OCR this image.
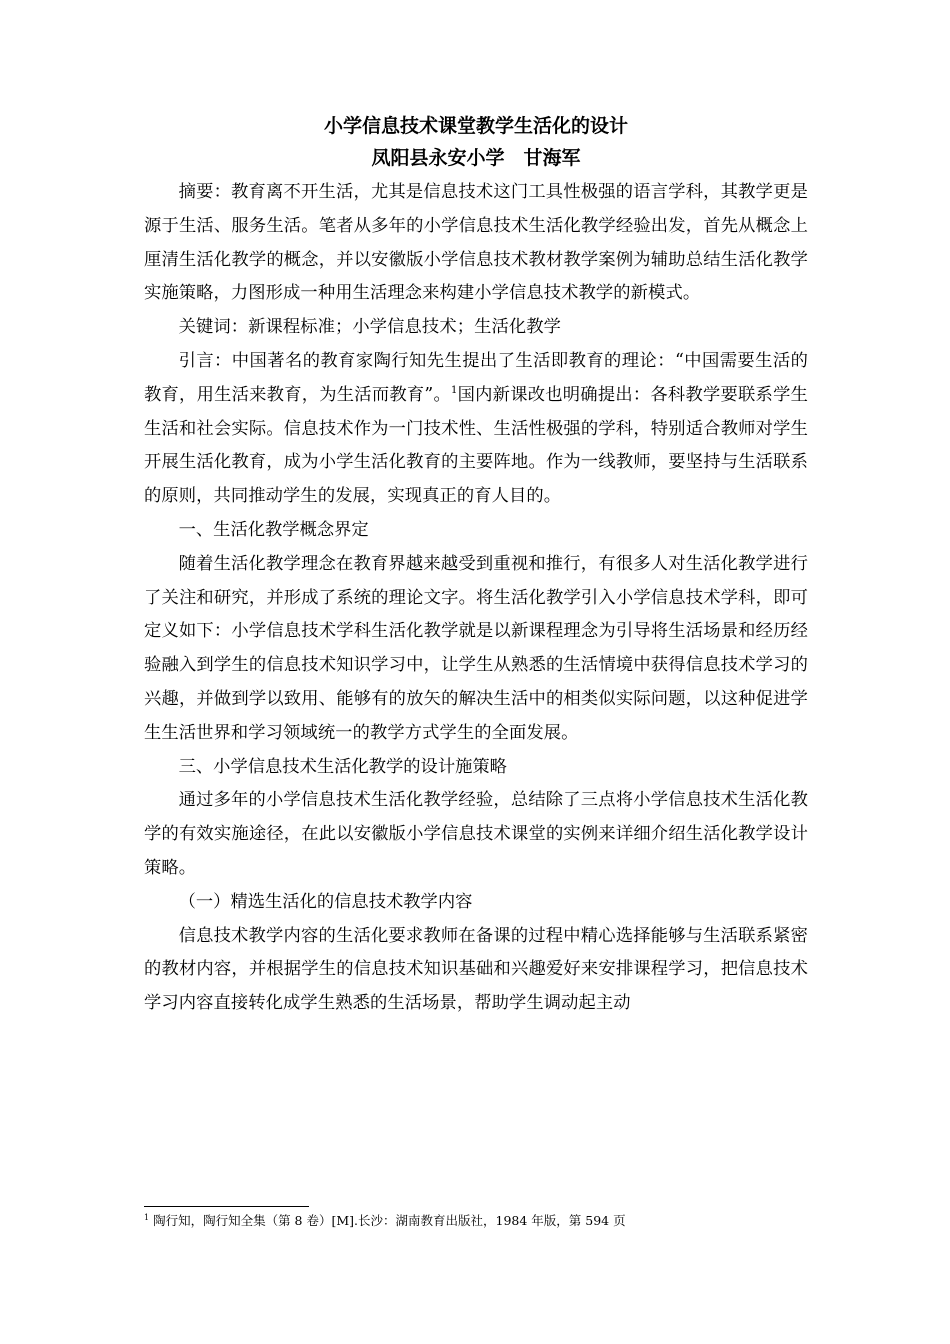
小学信息技术课堂教学生活化的设计
凤阳县永安小学　甘海军

摘要：教育离不开生活，尤其是信息技术这门工具性极强的语言学科，其教学更是源于生活、服务生活。笔者从多年的小学信息技术生活化教学经验出发，首先从概念上厘清生活化教学的概念，并以安徽版小学信息技术教材教学案例为辅助总结生活化教学实施策略，力图形成一种用生活理念来构建小学信息技术教学的新模式。

关键词：新课程标准；小学信息技术；生活化教学

引言：中国著名的教育家陶行知先生提出了生活即教育的理论：“中国需要生活的教育，用生活来教育，为生活而教育”。$^1$国内新课改也明确提出：各科教学要联系学生生活和社会实际。信息技术作为一门技术性、生活性极强的学科，特别适合教师对学生开展生活化教育，成为小学生活化教育的主要阵地。作为一线教师，要坚持与生活联系的原则，共同推动学生的发展，实现真正的育人目的。

一、生活化教学概念界定

随着生活化教学理念在教育界越来越受到重视和推行，有很多人对生活化教学进行了关注和研究，并形成了系统的理论文字。将生活化教学引入小学信息技术学科，即可定义如下：小学信息技术学科生活化教学就是以新课程理念为引导将生活场景和经历经验融入到学生的信息技术知识学习中，让学生从熟悉的生活情境中获得信息技术学习的兴趣，并做到学以致用、能够有的放矢的解决生活中的相类似实际问题，以这种促进学生生活世界和学习领域统一的教学方式学生的全面发展。

三、小学信息技术生活化教学的设计施策略

通过多年的小学信息技术生活化教学经验，总结除了三点将小学信息技术生活化教学的有效实施途径，在此以安徽版小学信息技术课堂的实例来详细介绍生活化教学设计策略。

（一）精选生活化的信息技术教学内容

信息技术教学内容的生活化要求教师在备课的过程中精心选择能够与生活联系紧密的教材内容，并根据学生的信息技术知识基础和兴趣爱好来安排课程学习，把信息技术学习内容直接转化成学生熟悉的生活场景，帮助学生调动起主动

$^1$ 陶行知，陶行知全集（第 8 卷）[M].长沙：湖南教育出版社，1984 年版，第 594 页
